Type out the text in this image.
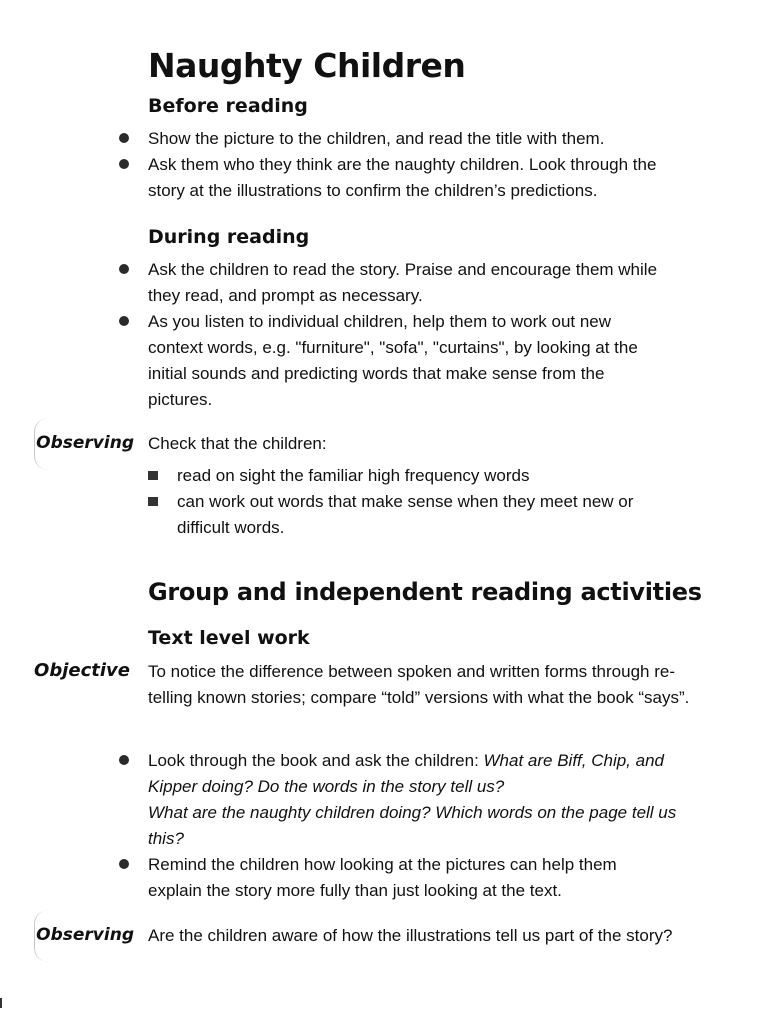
Naughty Children
Before reading
Show the picture to the children, and read the title with them.
Ask them who they think are the naughty children. Look through the story at the illustrations to confirm the children’s predictions.
During reading
Ask the children to read the story. Praise and encourage them while they read, and prompt as necessary.
As you listen to individual children, help them to work out new context words, e.g. "furniture", "sofa", "curtains", by looking at the initial sounds and predicting words that make sense from the pictures.

Observing Check that the children:

read on sight the familiar high frequency words
can work out words that make sense when they meet new or difficult words.
Group and independent reading activities
Text level work

Objective To notice the difference between spoken and written forms through re-telling known stories; compare “told” versions with what the book “says”.

Look through the book and ask the children: What are Biff, Chip, and Kipper doing? Do the words in the story tell us?
What are the naughty children doing? Which words on the page tell us this?
Remind the children how looking at the pictures can help them explain the story more fully than just looking at the text.

Observing Are the children aware of how the illustrations tell us part of the story?
